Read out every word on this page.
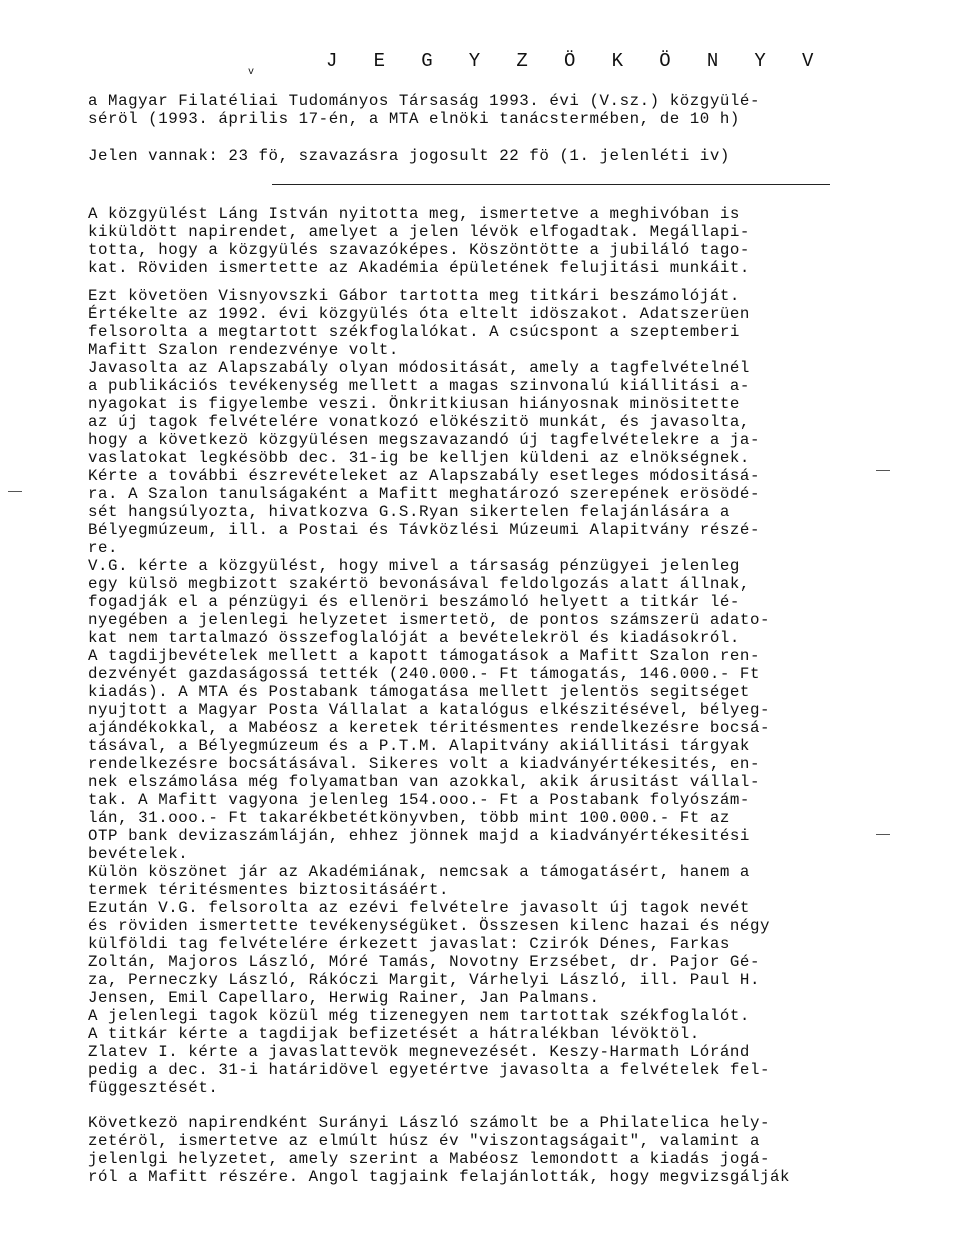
J E G Y Z Ö K Ö N Y V
v
a Magyar Filatéliai Tudományos Társaság 1993. évi (V.sz.) közgyülé-
séröl (1993. április 17-én, a MTA elnöki tanácstermében, de 10 h)
Jelen vannak: 23 fö, szavazásra jogosult 22 fö (1. jelenléti iv)
A közgyülést Láng István nyitotta meg, ismertetve a meghivóban is
kiküldött napirendet, amelyet a jelen lévök elfogadtak. Megállapi-
totta, hogy a közgyülés szavazóképes. Köszöntötte a jubiláló tago-
kat. Röviden ismertette az Akadémia épületének felujitási munkáit.
Ezt követöen Visnyovszki Gábor tartotta meg titkári beszámolóját.
Értékelte az 1992. évi közgyülés óta eltelt idöszakot. Adatszerüen
felsorolta a megtartott székfoglalókat. A csúcspont a szeptemberi
Mafitt Szalon rendezvénye volt.
Javasolta az Alapszabály olyan módositását, amely a tagfelvételnél
a publikációs tevékenység mellett a magas szinvonalú kiállitási a-
nyagokat is figyelembe veszi. Önkritkiusan hiányosnak minösitette
az új tagok felvételére vonatkozó elökészitö munkát, és javasolta,
hogy a következö közgyülésen megszavazandó új tagfelvételekre a ja-
vaslatokat legkésöbb dec. 31-ig be kelljen küldeni az elnökségnek.
Kérte a további észrevételeket az Alapszabály esetleges módositásá-
ra. A Szalon tanulságaként a Mafitt meghatározó szerepének erösödé-
sét hangsúlyozta, hivatkozva G.S.Ryan sikertelen felajánlására a
Bélyegmúzeum, ill. a Postai és Távközlési Múzeumi Alapitvány részé-
re.
V.G. kérte a közgyülést, hogy mivel a társaság pénzügyei jelenleg
egy külsö megbizott szakértö bevonásával feldolgozás alatt állnak,
fogadják el a pénzügyi és ellenöri beszámoló helyett a titkár lé-
nyegében a jelenlegi helyzetet ismertetö, de pontos számszerü adato-
kat nem tartalmazó összefoglalóját a bevételekröl és kiadásokról.
A tagdijbevételek mellett a kapott támogatások a Mafitt Szalon ren-
dezvényét gazdaságossá tették (240.000.- Ft támogatás, 146.000.- Ft
kiadás). A MTA és Postabank támogatása mellett jelentös segitséget
nyujtott a Magyar Posta Vállalat a katalógus elkészitésével, bélyeg-
ajándékokkal, a Mabéosz a keretek téritésmentes rendelkezésre bocsá-
tásával, a Bélyegmúzeum és a P.T.M. Alapitvány akiállitási tárgyak
rendelkezésre bocsátásával. Sikeres volt a kiadványértékesités, en-
nek elszámolása még folyamatban van azokkal, akik árusitást vállal-
tak. A Mafitt vagyona jelenleg 154.ooo.- Ft a Postabank folyószám-
lán, 31.ooo.- Ft takarékbetétkönyvben, több mint 100.000.- Ft az
OTP bank devizaszámláján, ehhez jönnek majd a kiadványértékesitési
bevételek.
Külön köszönet jár az Akadémiának, nemcsak a támogatásért, hanem a
termek téritésmentes biztositásáért.
Ezután V.G. felsorolta az ezévi felvételre javasolt új tagok nevét
és röviden ismertette tevékenységüket. Összesen kilenc hazai és négy
külföldi tag felvételére érkezett javaslat: Czirók Dénes, Farkas
Zoltán, Majoros László, Móré Tamás, Novotny Erzsébet, dr. Pajor Gé-
za, Perneczky László, Rákóczi Margit, Várhelyi László, ill. Paul H.
Jensen, Emil Capellaro, Herwig Rainer, Jan Palmans.
A jelenlegi tagok közül még tizenegyen nem tartottak székfoglalót.
A titkár kérte a tagdijak befizetését a hátralékban lévöktöl.
Zlatev I. kérte a javaslattevök megnevezését. Keszy-Harmath Lóránd
pedig a dec. 31-i határidövel egyetértve javasolta a felvételek fel-
függesztését.
Következö napirendként Surányi László számolt be a Philatelica hely-
zetéröl, ismertetve az elmúlt húsz év "viszontagságait", valamint a
jelenlgi helyzetet, amely szerint a Mabéosz lemondott a kiadás jogá-
ról a Mafitt részére. Angol tagjaink felajánlották, hogy megvizsgálják
